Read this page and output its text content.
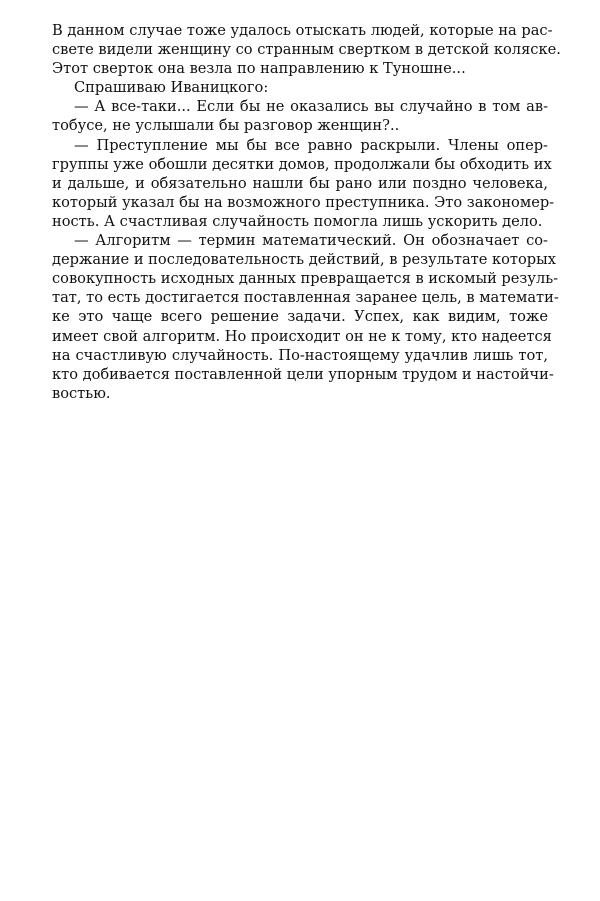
В данном случае тоже удалось отыскать людей, которые на рас-
свете видели женщину со странным свертком в детской коляске.
Этот сверток она везла по направлению к Туношне...
Спрашиваю Иваницкого:
— А все-таки... Если бы не оказались вы случайно в том ав-
тобусе, не услышали бы разговор женщин?..
— Преступление мы бы все равно раскрыли. Члены опер-
группы уже обошли десятки домов, продолжали бы обходить их
и дальше, и обязательно нашли бы рано или поздно человека,
который указал бы на возможного преступника. Это закономер-
ность. А счастливая случайность помогла лишь ускорить дело.
— Алгоритм — термин математический. Он обозначает со-
держание и последовательность действий, в результате которых
совокупность исходных данных превращается в искомый резуль-
тат, то есть достигается поставленная заранее цель, в математи-
ке это чаще всего решение задачи. Успех, как видим, тоже
имеет свой алгоритм. Но происходит он не к тому, кто надеется
на счастливую случайность. По-настоящему удачлив лишь тот,
кто добивается поставленной цели упорным трудом и настойчи-
востью.
